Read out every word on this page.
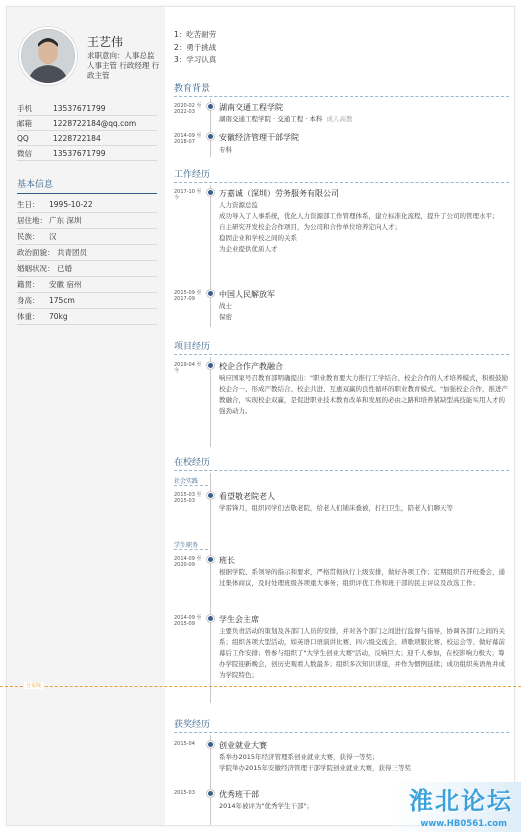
王艺伟
求职意向：人事总监 人事主管 行政经理 行政主管
手机	13537671799
邮箱	1228722184@qq.com
QQ	1228722184
微信	13537671799
基本信息
生日：	1995-10-22
居住地： 广东 深圳
民族：	汉
政治面貌： 共青团员
婚姻状况： 已婚
籍贯：	安徽 宿州
身高：	175cm
体重：	70kg
1：吃苦耐劳
2：勇于挑战
3：学习认真
教育背景
2020-02 至 2022-03	湖南交通工程学院
湖南交通工程学院 · 交通工程 · 本科 成人高教
2014-09 至 2018-07	安徽经济管理干部学院
专科
工作经历
2017-10 至今	万嘉诚（深圳）劳务服务有限公司
人力资源总监
成功导入了人事系统，优化人力资源部工作管理体系，建立标准化流程，提升了公司的管理水平；
自主研究开发校企合作项目，为公司和合作单位培养定向人才；
稳固企业和学校之间的关系
为企业提供优质人才
2015-09 至 2017-09	中国人民解放军
战士
保密
项目经历
2019-04 至今	校企合作产教融合
响应国家号召教育部明确提出："职业教育要大力推行工学结合、校企合作的人才培养模式，积极鼓励校企合一、形成产教结合、校企共进、互惠双赢的良性循环的职业教育模式。"加强校企合作，推进产教融合，实现校企双赢，是促进职业技术教育改革和发展的必由之路和培养紧缺型高技能实用人才的强劲动力。
在校经历
社会实践
2015-03 至 2015-03	看望敬老院老人
学雷锋月，组织同学们去敬老院，给老人们铺床叠被，打扫卫生，陪老人们聊天等
学生职务
2014-09 至 2020-09	班长
根据学院、系领导的指示和要求，严格贯彻执行上级安排，做好各项工作；定期组织召开班委会，通过集体商议，及时处理班级各项重大事务；组织评优工作和班干部的民主评议及改选工作；
2014-09 至 2015-09	学生会主席
主要负责活动的策划及各部门人员的安排，并对各个部门之间进行监督与指导，协调各部门之间的关系；组织各项大型活动，如英语口语演讲比赛、四六级交流会、琐歌琐服比赛、校运会等、做好幕前幕后工作安排；曾参与组织了"大学生创业大赛"活动，反响巨大；迎千人参加，在校影响力极大；筹办学院迎新晚会，创历史观看人数最多；组织多次知识讲座，并作为惯例延续；成功组织英语角并成为学院特色；
获奖经历
2015-04	创业就业大赛
系举办2015年经济管理系创业就业大赛，获得一等奖；
学院举办2015年安徽经济管理干部学院创业就业大赛，获得三等奖
2015-03	优秀班干部
2014年被评为"优秀学生干部"；
分页线
淮北论坛
www.HB0561.com
